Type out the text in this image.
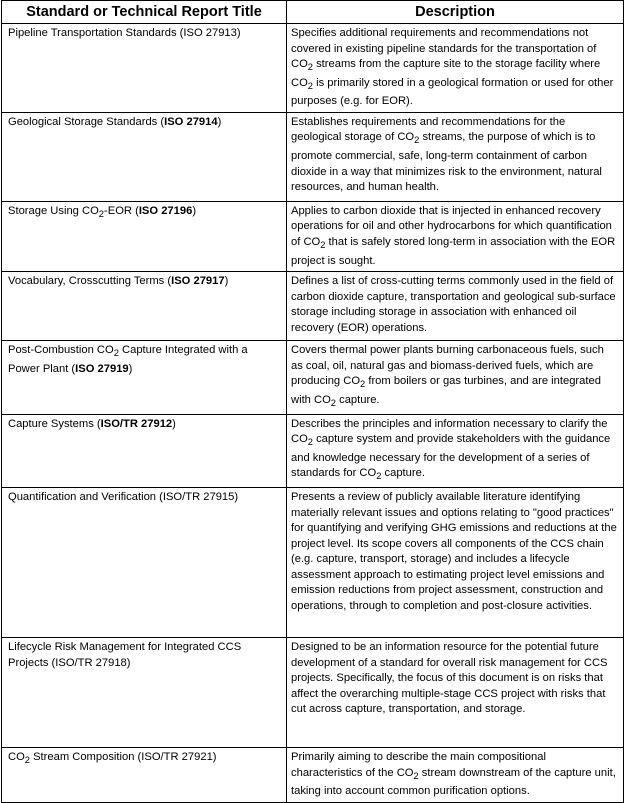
Standard or Technical Report Title	Description
Pipeline Transportation Standards (ISO 27913)	Specifies additional requirements and recommendations not covered in existing pipeline standards for the transportation of $CO_2$ streams from the capture site to the storage facility where $CO_2$ is primarily stored in a geological formation or used for other purposes (e.g. for EOR).
Geological Storage Standards (ISO 27914)	Establishes requirements and recommendations for the geological storage of $CO_2$ streams, the purpose of which is to promote commercial, safe, long-term containment of carbon dioxide in a way that minimizes risk to the environment, natural resources, and human health.
Storage Using $CO_2$-EOR (ISO 27196)	Applies to carbon dioxide that is injected in enhanced recovery operations for oil and other hydrocarbons for which quantification of $CO_2$ that is safely stored long-term in association with the EOR project is sought.
Vocabulary, Crosscutting Terms (ISO 27917)	Defines a list of cross-cutting terms commonly used in the field of carbon dioxide capture, transportation and geological sub-surface storage including storage in association with enhanced oil recovery (EOR) operations.
Post-Combustion $CO_2$ Capture Integrated with a Power Plant (ISO 27919)	Covers thermal power plants burning carbonaceous fuels, such as coal, oil, natural gas and biomass-derived fuels, which are producing $CO_2$ from boilers or gas turbines, and are integrated with $CO_2$ capture.
Capture Systems (ISO/TR 27912)	Describes the principles and information necessary to clarify the $CO_2$ capture system and provide stakeholders with the guidance and knowledge necessary for the development of a series of standards for $CO_2$ capture.
Quantification and Verification (ISO/TR 27915)	Presents a review of publicly available literature identifying materially relevant issues and options relating to "good practices" for quantifying and verifying GHG emissions and reductions at the project level. Its scope covers all components of the CCS chain (e.g. capture, transport, storage) and includes a lifecycle assessment approach to estimating project level emissions and emission reductions from project assessment, construction and operations, through to completion and post-closure activities.
Lifecycle Risk Management for Integrated CCS Projects (ISO/TR 27918)	Designed to be an information resource for the potential future development of a standard for overall risk management for CCS projects. Specifically, the focus of this document is on risks that affect the overarching multiple-stage CCS project with risks that cut across capture, transportation, and storage.
$CO_2$ Stream Composition (ISO/TR 27921)	Primarily aiming to describe the main compositional characteristics of the $CO_2$ stream downstream of the capture unit, taking into account common purification options.
